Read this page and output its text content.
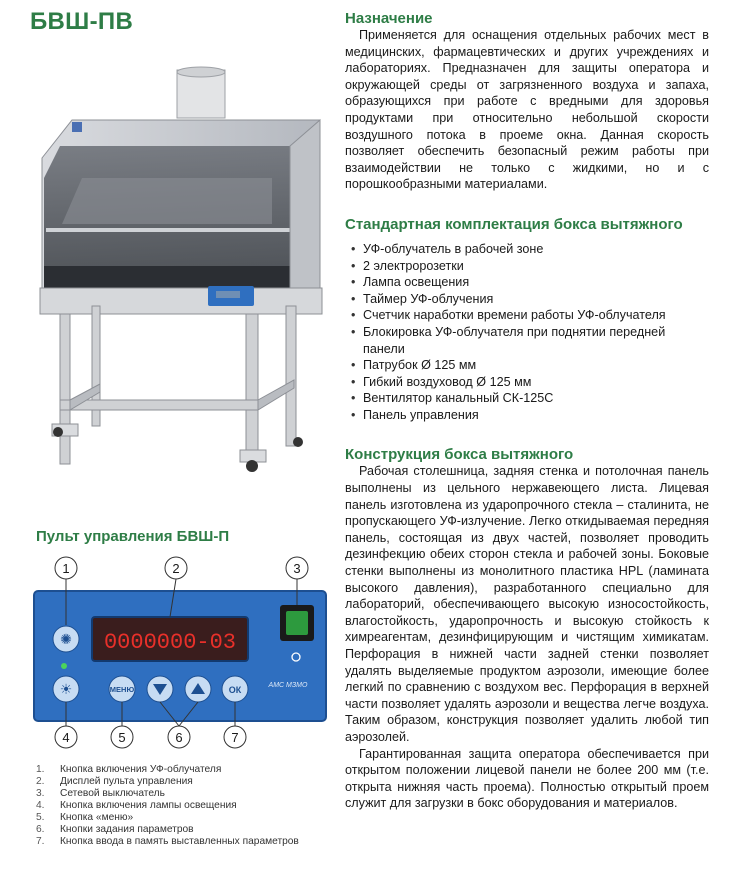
БВШ-ПВ	Назначение

Применяется для оснащения отдельных рабочих мест в медицинских, фармацевтических и других учреждениях и лабораториях. Предназначен для защиты оператора и окружающей среды от загрязненного воздуха и запаха, образующихся при работе с вредными для здоровья продуктами при относительно небольшой скорости воздушного потока в проеме окна. Данная скорость позволяет обеспечить безопасный режим работы при взаимодействии не только с жидкими, но и с порошкообразными материалами.

Стандартная комплектация бокса вытяжного
• УФ-облучатель в рабочей зоне
• 2 электророзетки
• Лампа освещения
• Таймер УФ-облучения
• Счетчик наработки времени работы УФ-облучателя
• Блокировка УФ-облучателя при поднятии передней панели
• Патрубок Ø 125 мм
• Гибкий воздуховод Ø 125 мм
• Вентилятор канальный СК-125С
• Панель управления
Конструкция бокса вытяжного

Рабочая столешница, задняя стенка и потолочная панель выполнены из цельного нержавеющего листа. Лицевая панель изготовлена из ударопрочного стекла – сталинита, не пропускающего УФ-излучение. Легко откидываемая передняя панель, состоящая из двух частей, позволяет проводить дезинфекцию обеих сторон стекла и рабочей зоны. Боковые стенки выполнены из монолитного пластика HPL (ламината высокого давления), разработанного специально для лабораторий, обеспечивающего высокую износостойкость, влагостойкость, ударопрочность и высокую стойкость к химреагентам, дезинфицирующим и чистящим химикатам. Перфорация в нижней части задней стенки позволяет удалять выделяемые продуктом аэрозоли, имеющие более легкий по сравнению с воздухом вес. Перфорация в верхней части позволяет удалять аэрозоли и вещества легче воздуха. Таким образом, конструкция позволяет удалить любой тип аэрозолей.

Гарантированная защита оператора обеспечивается при открытом положении лицевой панели не более 200 мм (т.е. открыта нижняя часть проема). Полностью открытый проем служит для загрузки в бокс оборудования и материалов.

Пульт управления БВШ-П
0000000-03
✺
☀	МЕНЮ	ОК	АМС МЗМО
1	2	3
4	5	6	7
1.	Кнопка включения УФ-облучателя
2.	Дисплей пульта управления
3.	Сетевой выключатель
4.	Кнопка включения лампы освещения
5.	Кнопка «меню»
6.	Кнопки задания параметров
7.	Кнопка ввода в память выставленных параметров
